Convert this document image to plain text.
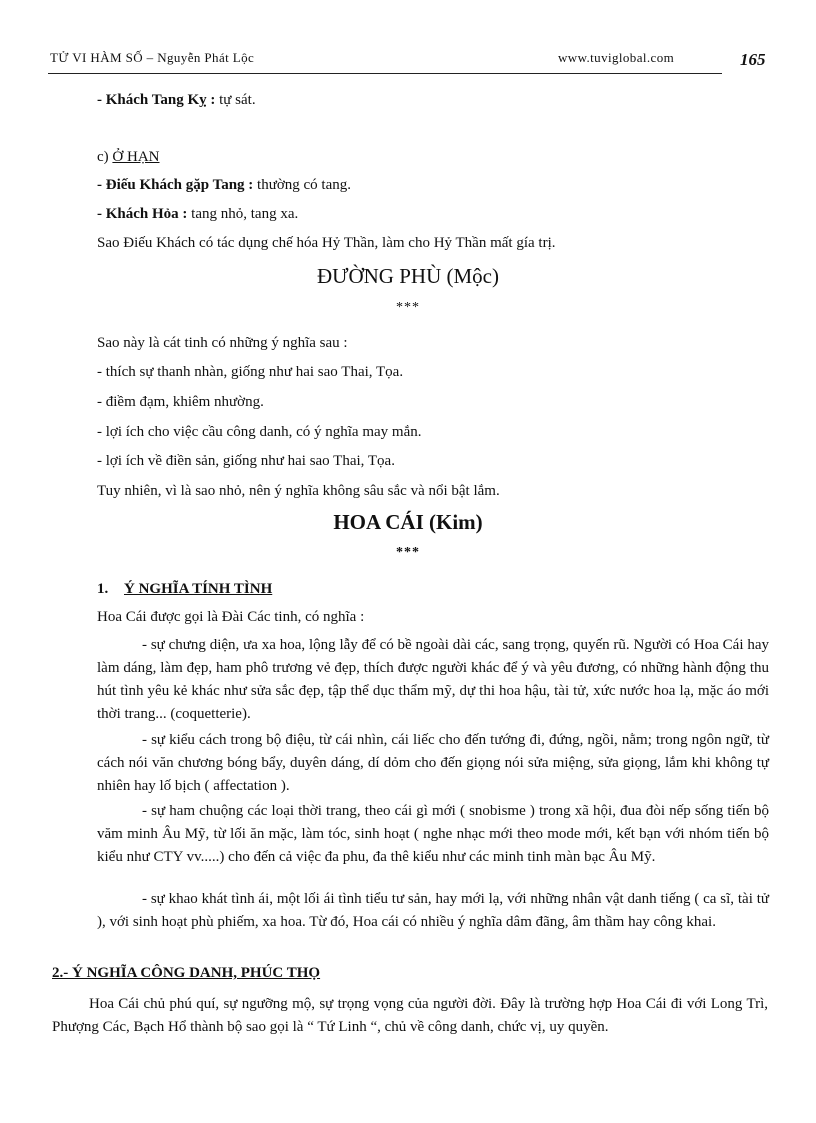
TỬ VI HÀM SỐ – Nguyễn Phát Lộc	www.tuviglobal.com	165
- Khách Tang Kỵ : tự sát.
c) Ở HẠN
- Điếu Khách gặp Tang : thường có tang.
- Khách Hỏa : tang nhỏ, tang xa.
Sao Điếu Khách có tác dụng chế hóa Hỷ Thần, làm cho Hỷ Thần mất gía trị.
ĐƯỜNG PHÙ (Mộc)
***
Sao này là cát tinh có những ý nghĩa sau :
- thích sự thanh nhàn, giống như hai sao Thai, Tọa.
- điềm đạm, khiêm nhường.
- lợi ích cho việc cầu công danh, có ý nghĩa may mắn.
- lợi ích về điền sản, giống như hai sao Thai, Tọa.
Tuy nhiên, vì là sao nhỏ, nên ý nghĩa không sâu sắc và nổi bật lắm.
HOA CÁI (Kim)
***
1. Ý NGHĨA TÍNH TÌNH
Hoa Cái được gọi là Đài Các tinh, có nghĩa :
- sự chưng diện, ưa xa hoa, lộng lẫy để có bề ngoài dài các, sang trọng, quyến rũ. Người có Hoa Cái hay làm dáng, làm đẹp, ham phô trương vẻ đẹp, thích được người khác để ý và yêu đương, có những hành động thu hút tình yêu kẻ khác như sửa sắc đẹp, tập thể dục thẩm mỹ, dự thi hoa hậu, tài tử, xức nước hoa lạ, mặc áo mới thời trang... (coquetterie).
- sự kiểu cách trong bộ điệu, từ cái nhìn, cái liếc cho đến tướng đi, đứng, ngồi, nằm; trong ngôn ngữ, từ cách nói văn chương bóng bẩy, duyên dáng, dí dỏm cho đến giọng nói sửa miệng, sửa giọng, lắm khi không tự nhiên hay lố bịch ( affectation ).
- sự ham chuộng các loại thời trang, theo cái gì mới ( snobisme ) trong xã hội, đua đòi nếp sống tiến bộ văm minh Âu Mỹ, từ lối ăn mặc, làm tóc, sinh hoạt ( nghe nhạc mới theo mode mới, kết bạn với nhóm tiến bộ kiểu như CTY vv.....) cho đến cả việc đa phu, đa thê kiểu như các minh tinh màn bạc Âu Mỹ.
- sự khao khát tình ái, một lối ái tình tiểu tư sản, hay mới lạ, với những nhân vật danh tiếng ( ca sĩ, tài tử ), với sinh hoạt phù phiếm, xa hoa. Từ đó, Hoa cái có nhiều ý nghĩa dâm đãng, âm thầm hay công khai.
2.- Ý NGHĨA CÔNG DANH, PHÚC THỌ
Hoa Cái chủ phú quí, sự ngưỡng mộ, sự trọng vọng của người đời. Đây là trường hợp Hoa Cái đi với Long Trì, Phượng Các, Bạch Hổ thành bộ sao gọi là “ Tứ Linh “, chủ về công danh, chức vị, uy quyền.
